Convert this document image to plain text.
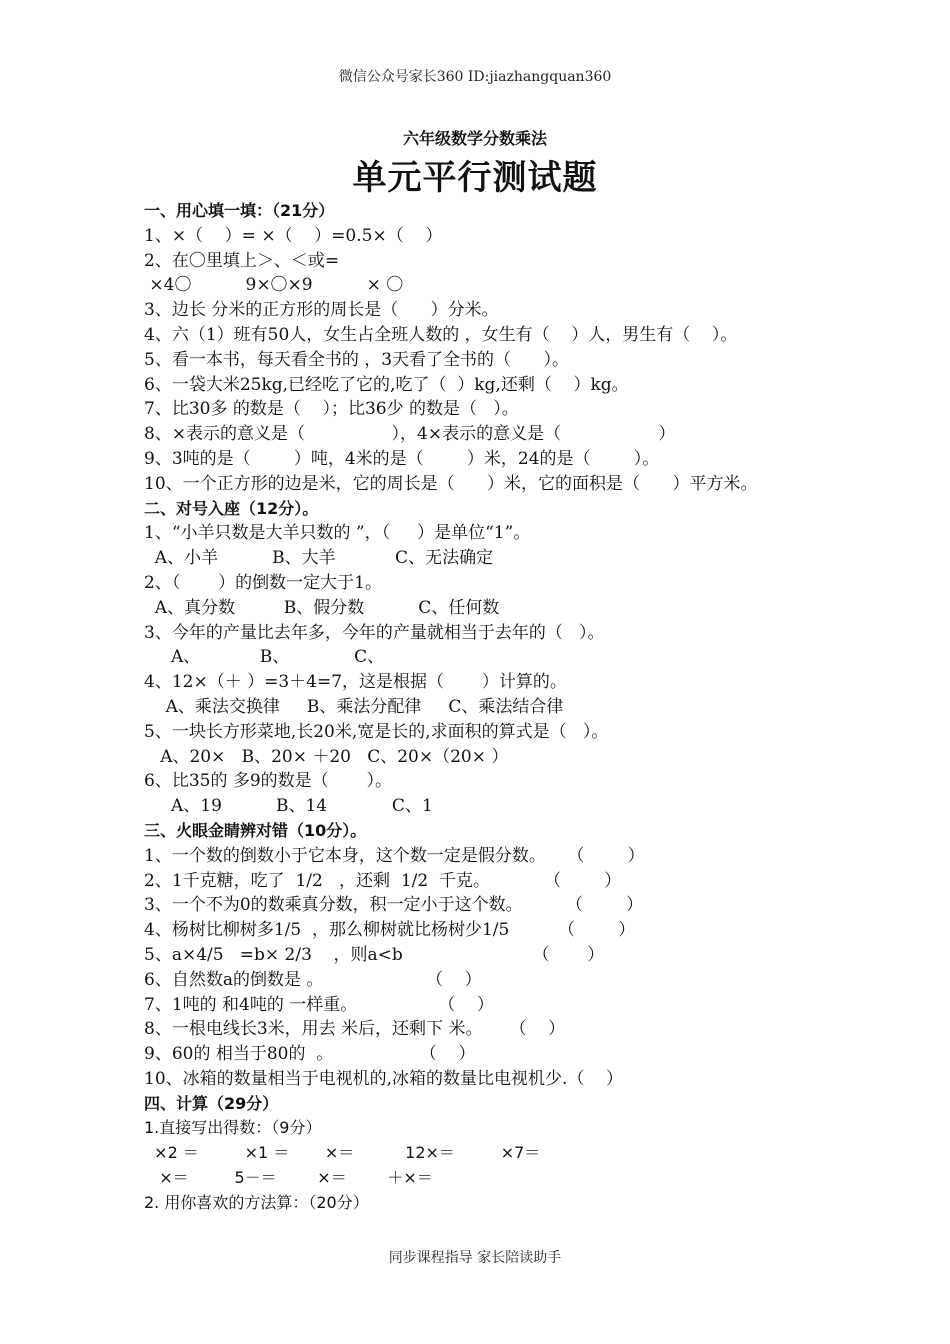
微信公众号家长360 ID:jiazhangquan360
六年级数学分数乘法
单元平行测试题
一、用心填一填：（21分）
1、×（    ）= ×（    ）=0.5×（    ）
2、在〇里填上＞、＜或=
×4〇          9×〇×9          × 〇
3、边长 分米的正方形的周长是（      ）分米。
4、六（1）班有50人，女生占全班人数的 ，女生有（    ）人，男生有（    ）。
5、看一本书，每天看全书的 ，3天看了全书的（      ）。
6、一袋大米25kg,已经吃了它的,吃了（  ）kg,还剩（    ）kg。
7、比30多 的数是（    ）；比36少 的数是（   ）。
8、×表示的意义是（                ），4×表示的意义是（                  ）
9、3吨的是（        ）吨，4米的是（        ）米，24的是（        ）。
10、一个正方形的边是米，它的周长是（      ）米，它的面积是（      ）平方米。
二、对号入座（12分）。
1、“小羊只数是大羊只数的 ”，（     ）是单位“1”。
A、小羊          B、大羊           C、无法确定
2、（       ）的倒数一定大于1。
A、真分数         B、假分数          C、任何数
3、今年的产量比去年多，今年的产量就相当于去年的（   ）。
A、           B、            C、
4、12×（＋ ）=3＋4=7，这是根据（       ）计算的。
A、乘法交换律     B、乘法分配律     C、乘法结合律
5、一块长方形菜地,长20米,宽是长的,求面积的算式是（   ）。
A、20×   B、20× ＋20   C、20×（20× ）
6、比35的 多9的数是（       ）。
A、19          B、14            C、1
三、火眼金睛辨对错（10分）。
1、一个数的倒数小于它本身，这个数一定是假分数。    （        ）
2、1千克糖，吃了  1/2   ，还剩  1/2  千克。          （        ）
3、一个不为0的数乘真分数，积一定小于这个数。        （        ）
4、杨树比柳树多1/5  ，那么柳树就比杨树少1/5         （        ）
5、a×4/5   =b× 2/3    ，则a<b                        （       ）
6、自然数a的倒数是 。                   （    ）
7、1吨的 和4吨的 一样重。               （    ）
8、一根电线长3米，用去 米后，还剩下 米。     （    ）
9、60的 相当于80的  。                （    ）
10、冰箱的数量相当于电视机的,冰箱的数量比电视机少.（    ）
四、计算（29分）
1.直接写出得数：（9分）
×2 ＝         ×1 ＝       ×＝          12×＝         ×7＝
×＝         5－＝        ×＝        ＋×＝
2. 用你喜欢的方法算：（20分）
同步课程指导 家长陪读助手
